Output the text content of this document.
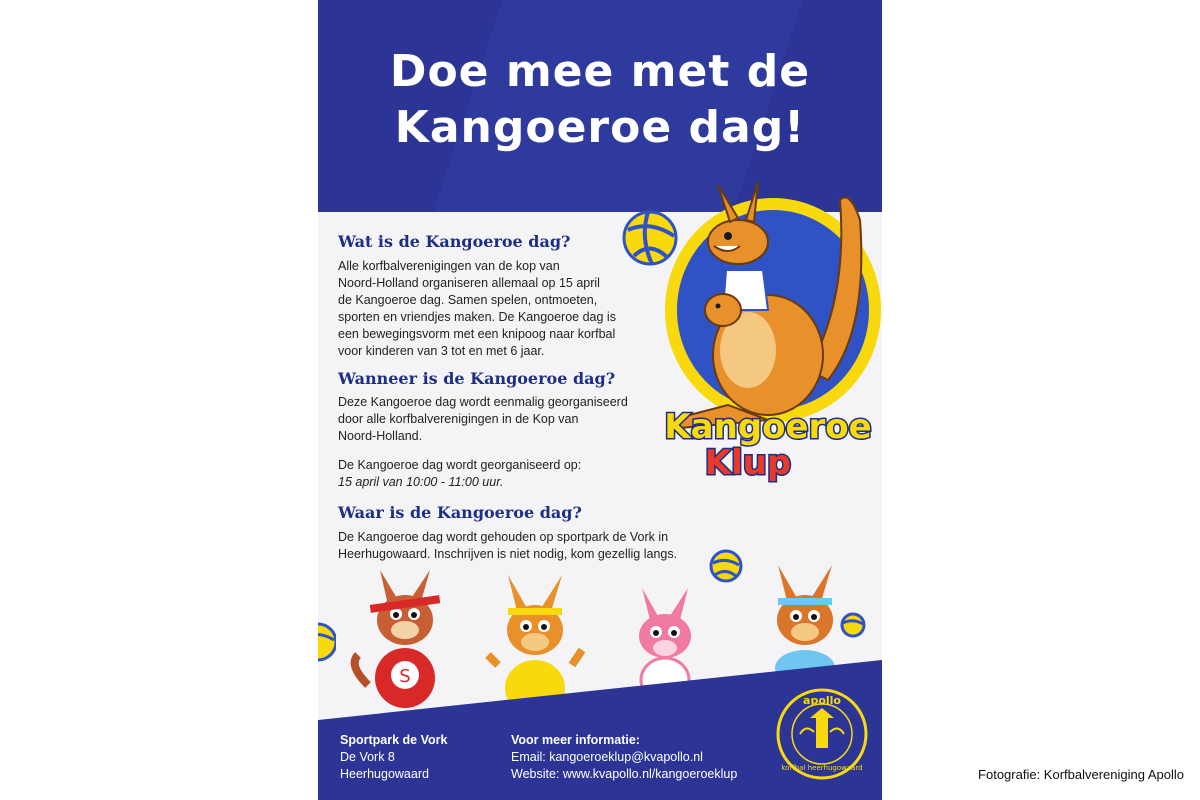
Doe mee met de
Kangoeroe dag!
Wat is de Kangoeroe dag?
Alle korfbalverenigingen van de kop van
Noord-Holland organiseren allemaal op 15 april
de Kangoeroe dag. Samen spelen, ontmoeten,
sporten en vriendjes maken. De Kangoeroe dag is
een bewegingsvorm met een knipoog naar korfbal
voor kinderen van 3 tot en met 6 jaar.
Wanneer is de Kangoeroe dag?
Deze Kangoeroe dag wordt eenmalig georganiseerd
door alle korfbalverenigingen in de Kop van
Noord-Holland.
De Kangoeroe dag wordt georganiseerd op:
15 april van 10:00 - 11:00 uur.
Waar is de Kangoeroe dag?
De Kangoeroe dag wordt gehouden op sportpark de Vork in
Heerhugowaard. Inschrijven is niet nodig, kom gezellig langs.
Kangoeroe
Klup
S
Sportpark de Vork
De Vork 8
Heerhugowaard
Voor meer informatie:
Email: kangoeroeklup@kvapollo.nl
Website: www.kvapollo.nl/kangoeroeklup
apollo
korfbal heerhugowaard	Fotografie: Korfbalvereniging Apollo
